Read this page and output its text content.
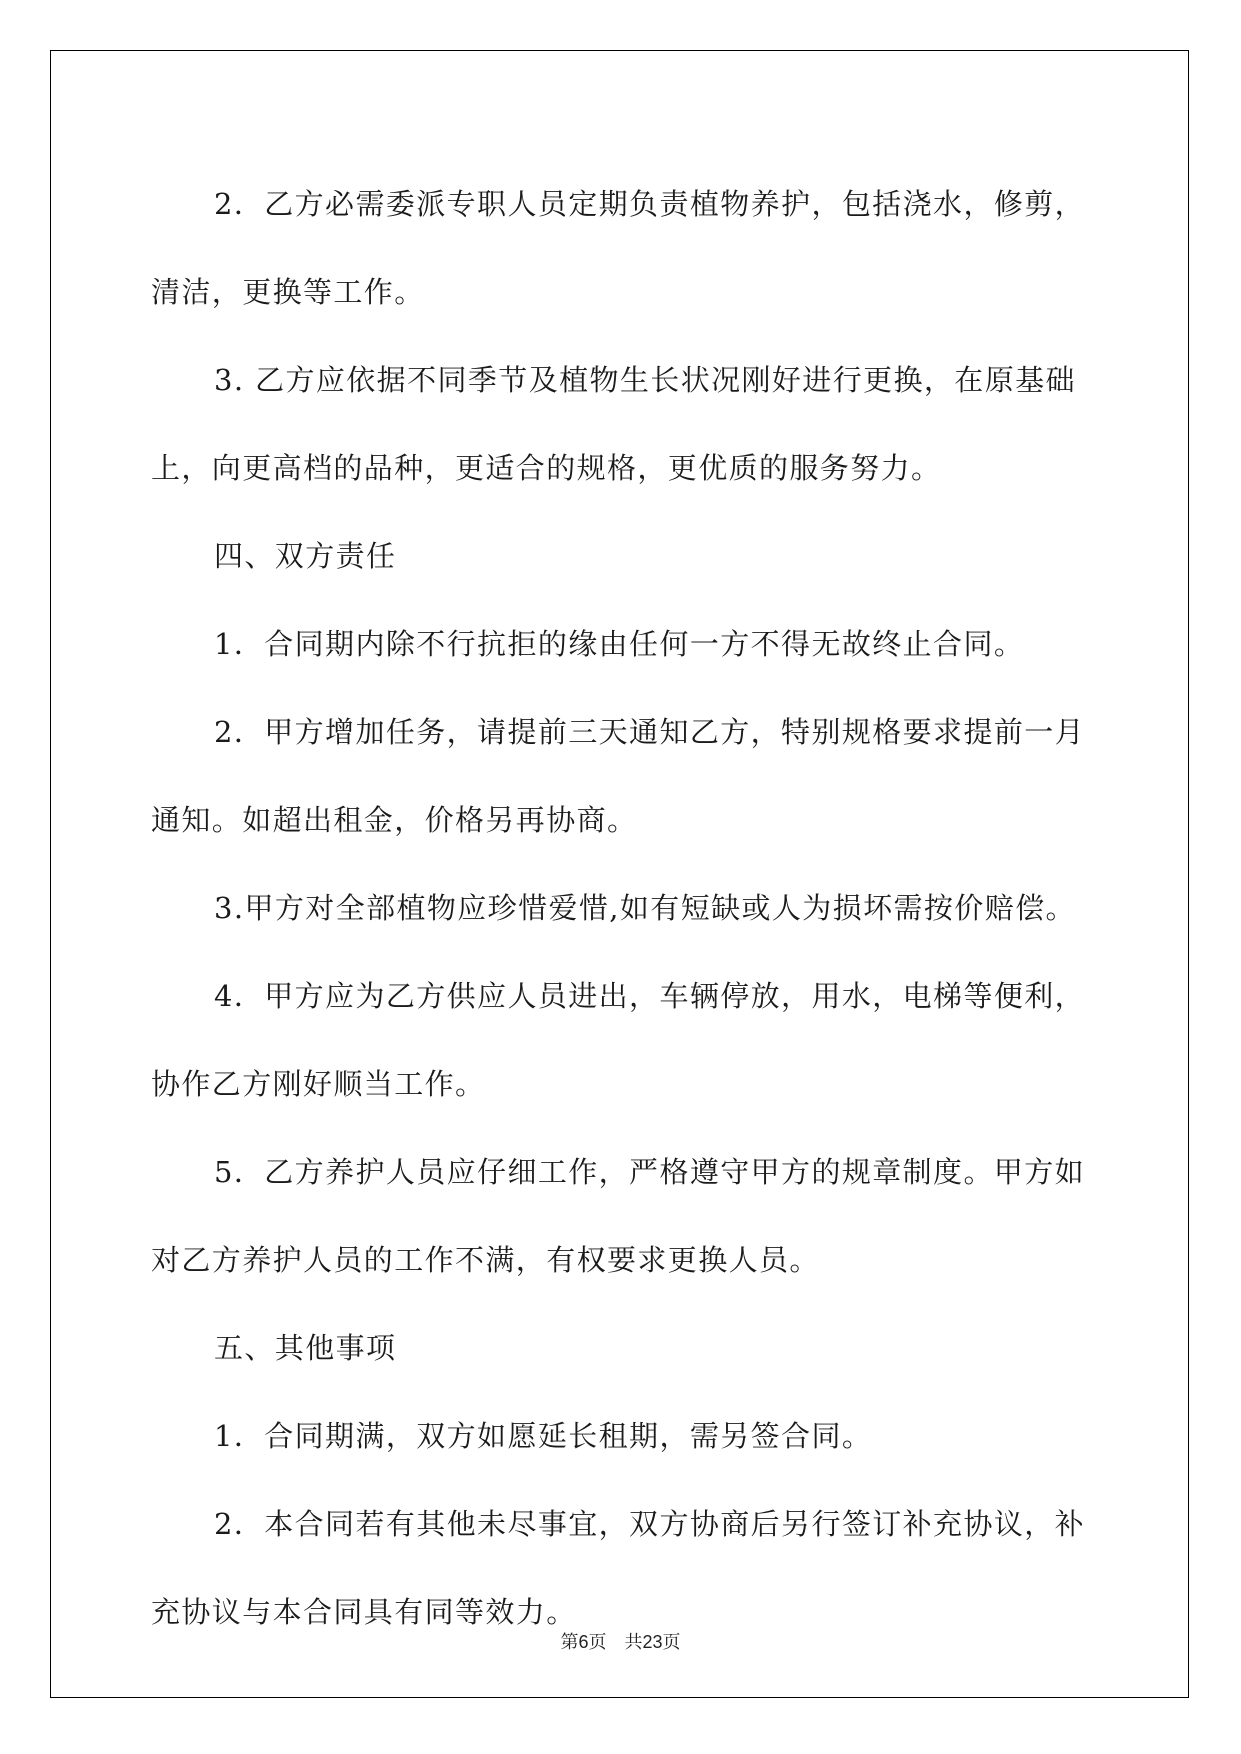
2．乙方必需委派专职人员定期负责植物养护，包括浇水，修剪，
清洁，更换等工作。
3. 乙方应依据不同季节及植物生长状况刚好进行更换，在原基础
上，向更高档的品种，更适合的规格，更优质的服务努力。
四、双方责任
1．合同期内除不行抗拒的缘由任何一方不得无故终止合同。
2．甲方增加任务，请提前三天通知乙方，特别规格要求提前一月
通知。如超出租金，价格另再协商。
3.甲方对全部植物应珍惜爱惜,如有短缺或人为损坏需按价赔偿。
4．甲方应为乙方供应人员进出，车辆停放，用水，电梯等便利，
协作乙方刚好顺当工作。
5．乙方养护人员应仔细工作，严格遵守甲方的规章制度。甲方如
对乙方养护人员的工作不满，有权要求更换人员。
五、其他事项
1．合同期满，双方如愿延长租期，需另签合同。
2．本合同若有其他未尽事宜，双方协商后另行签订补充协议，补
充协议与本合同具有同等效力。
第6页 共23页
